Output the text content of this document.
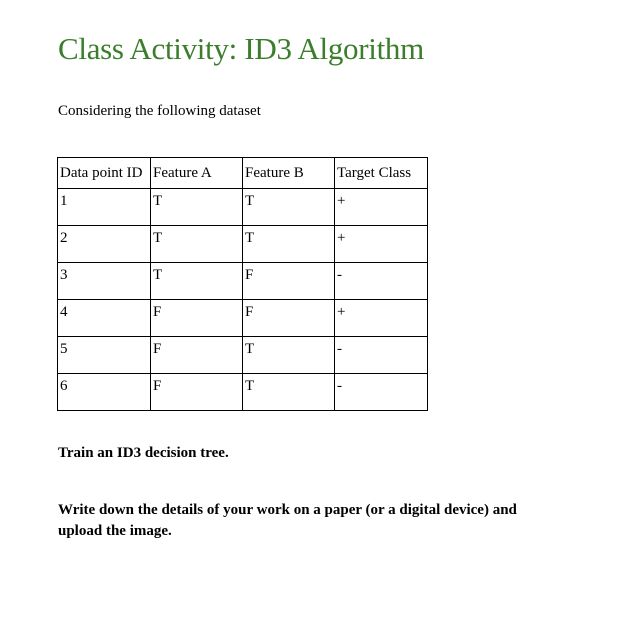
Class Activity: ID3 Algorithm

Considering the following dataset

Data point ID	Feature A	Feature B	Target Class
1	T	T	+
2	T	T	+
3	T	F	-
4	F	F	+
5	F	T	-
6	F	T	-

Train an ID3 decision tree.

Write down the details of your work on a paper (or a digital device) and upload the image.
